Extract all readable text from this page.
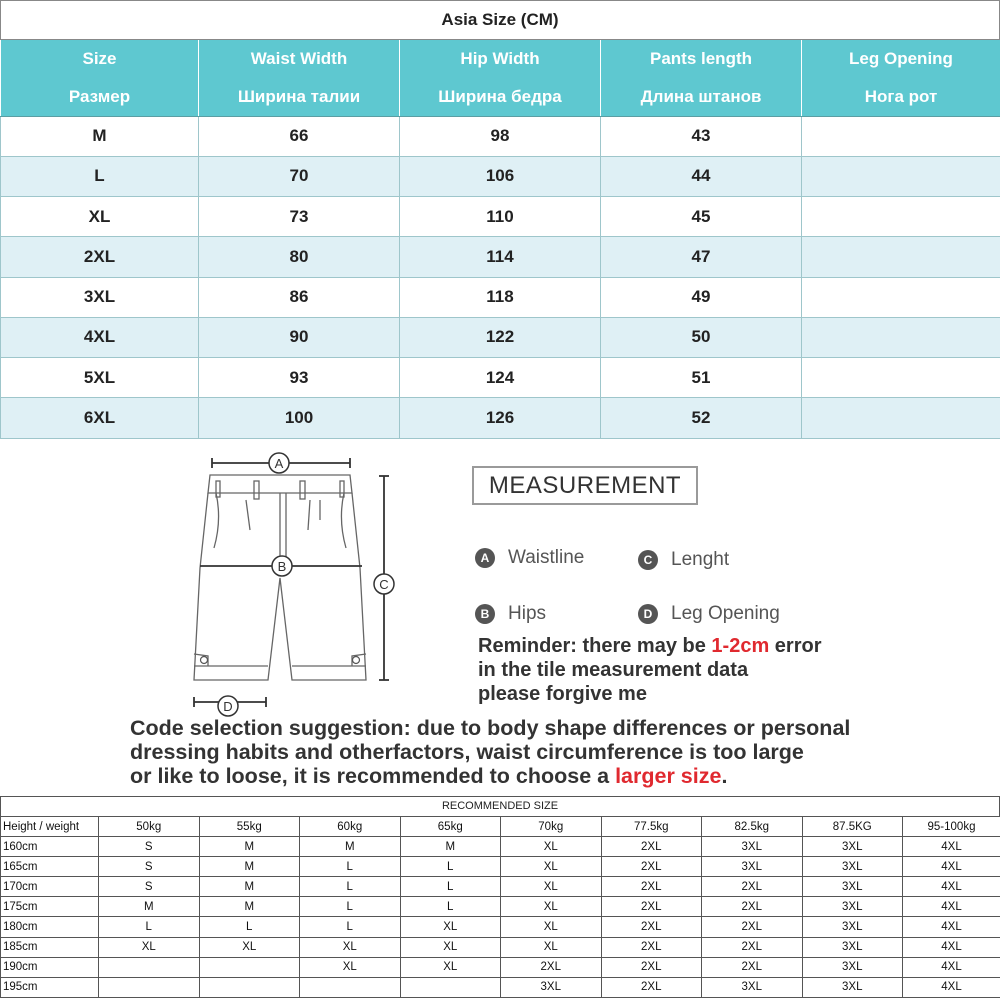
Asia Size (CM)
Size	Waist Width	Hip Width	Pants length	Leg Opening
Размер	Ширина талии	Ширина бедра	Длина штанов	Нога рот
M	66	98	43	
L	70	106	44	
XL	73	110	45	
2XL	80	114	47	
3XL	86	118	49	
4XL	90	122	50	
5XL	93	124	51	
6XL	100	126	52	
A
B
C
D
MEASUREMENT
A Waistline	C Lenght
B Hips	D Leg Opening
Reminder: there may be 1-2cm error
in the tile measurement data
please forgive me
Code selection suggestion: due to body shape differences or personal
dressing habits and otherfactors, waist circumference is too large
or like to loose, it is recommended to choose a larger size.
RECOMMENDED SIZE
Height / weight	50kg	55kg	60kg	65kg	70kg	77.5kg	82.5kg	87.5KG	95-100kg
160cm	S	M	M	M	XL	2XL	3XL	3XL	4XL
165cm	S	M	L	L	XL	2XL	3XL	3XL	4XL
170cm	S	M	L	L	XL	2XL	2XL	3XL	4XL
175cm	M	M	L	L	XL	2XL	2XL	3XL	4XL
180cm	L	L	L	XL	XL	2XL	2XL	3XL	4XL
185cm	XL	XL	XL	XL	XL	2XL	2XL	3XL	4XL
190cm			XL	XL	2XL	2XL	2XL	3XL	4XL
195cm					3XL	2XL	3XL	3XL	4XL
